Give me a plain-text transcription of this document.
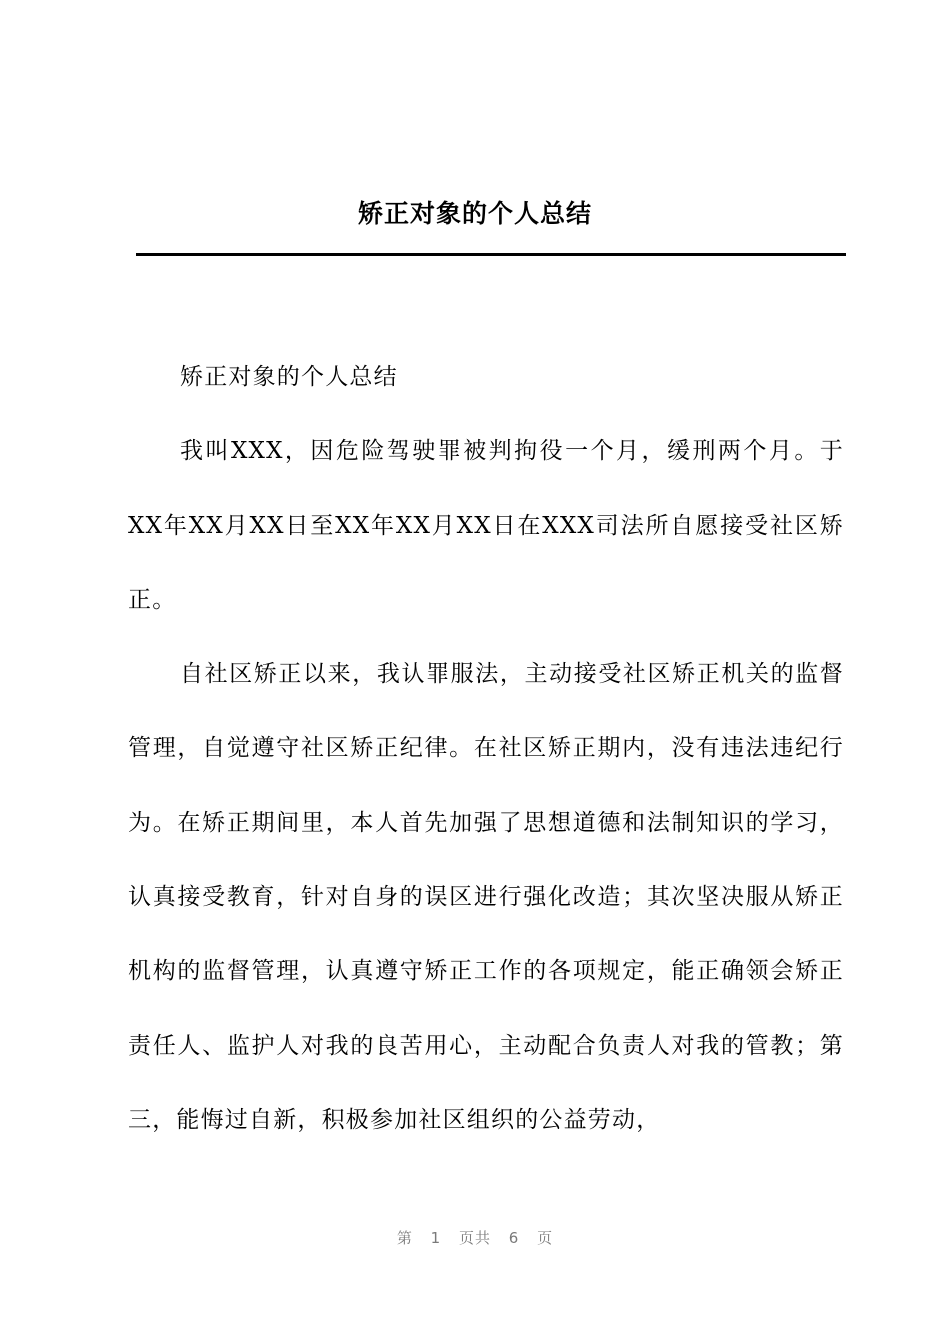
矫正对象的个人总结

矫正对象的个人总结

我叫XXX，因危险驾驶罪被判拘役一个月，缓刑两个月。于XX年XX月XX日至XX年XX月XX日在XXX司法所自愿接受社区矫正。

自社区矫正以来，我认罪服法，主动接受社区矫正机关的监督管理，自觉遵守社区矫正纪律。在社区矫正期内，没有违法违纪行为。在矫正期间里，本人首先加强了思想道德和法制知识的学习，认真接受教育，针对自身的误区进行强化改造；其次坚决服从矫正机构的监督管理，认真遵守矫正工作的各项规定，能正确领会矫正责任人、监护人对我的良苦用心，主动配合负责人对我的管教；第三，能悔过自新，积极参加社区组织的公益劳动，

第 1 页共 6 页
